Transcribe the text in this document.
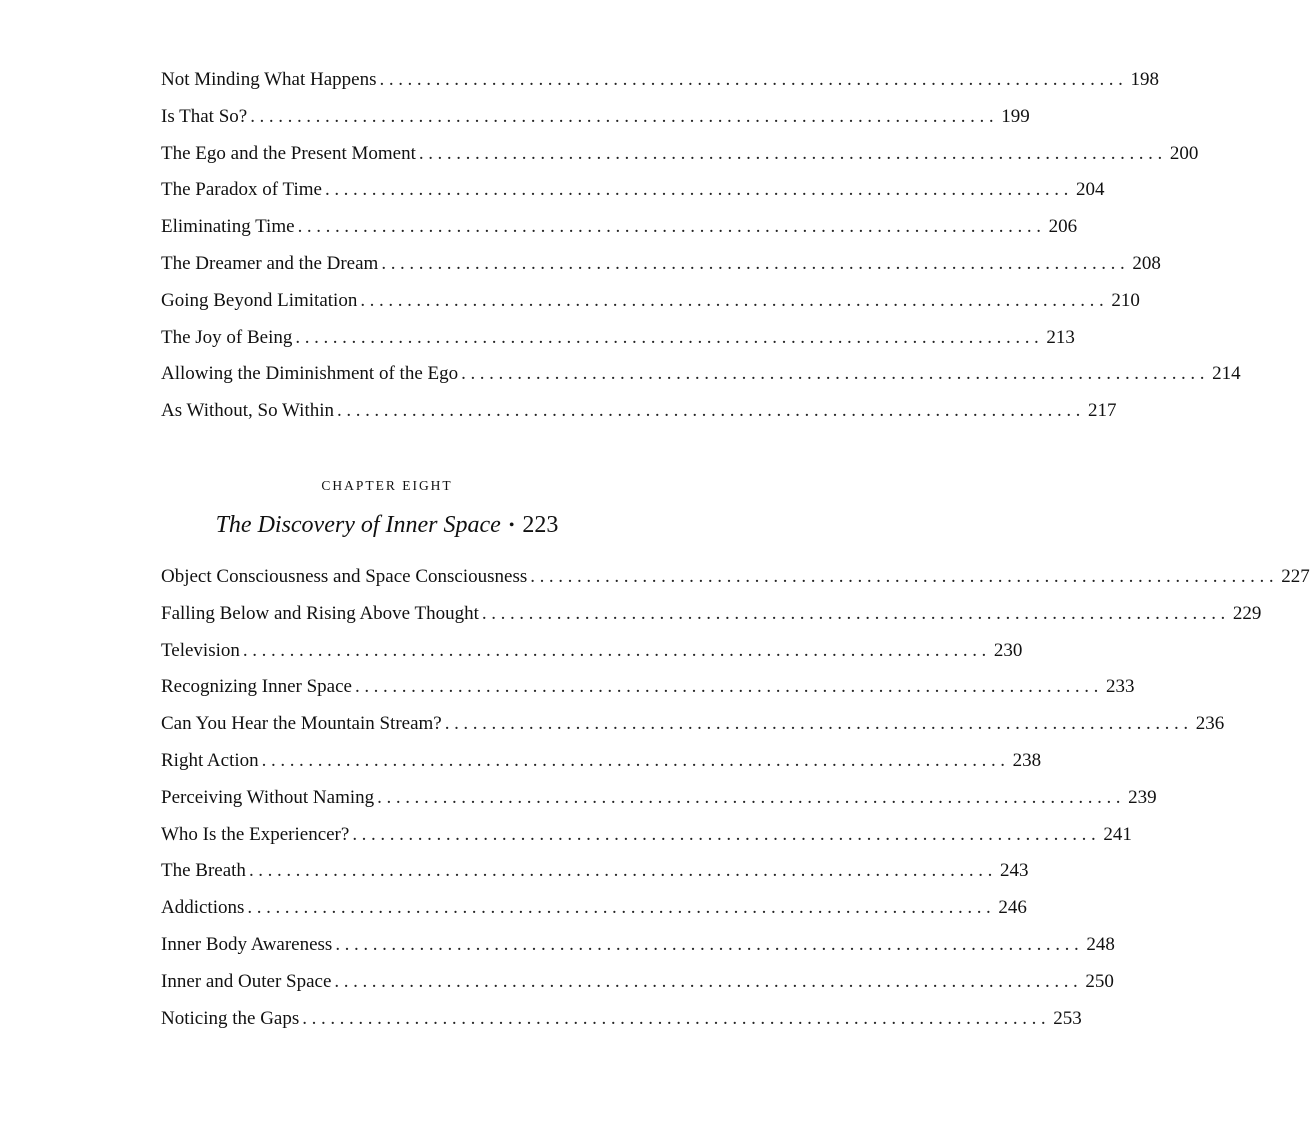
Not Minding What Happens ................................................................................ 198
Is That So? ................................................................................ 199
The Ego and the Present Moment ................................................................................ 200
The Paradox of Time ................................................................................ 204
Eliminating Time ................................................................................ 206
The Dreamer and the Dream ................................................................................ 208
Going Beyond Limitation ................................................................................ 210
The Joy of Being ................................................................................ 213
Allowing the Diminishment of the Ego ................................................................................ 214
As Without, So Within ................................................................................ 217
CHAPTER EIGHT
The Discovery of Inner Space • 223
Object Consciousness and Space Consciousness ................................................................................ 227
Falling Below and Rising Above Thought ................................................................................ 229
Television ................................................................................ 230
Recognizing Inner Space ................................................................................ 233
Can You Hear the Mountain Stream? ................................................................................ 236
Right Action ................................................................................ 238
Perceiving Without Naming ................................................................................ 239
Who Is the Experiencer? ................................................................................ 241
The Breath ................................................................................ 243
Addictions ................................................................................ 246
Inner Body Awareness ................................................................................ 248
Inner and Outer Space ................................................................................ 250
Noticing the Gaps ................................................................................ 253
